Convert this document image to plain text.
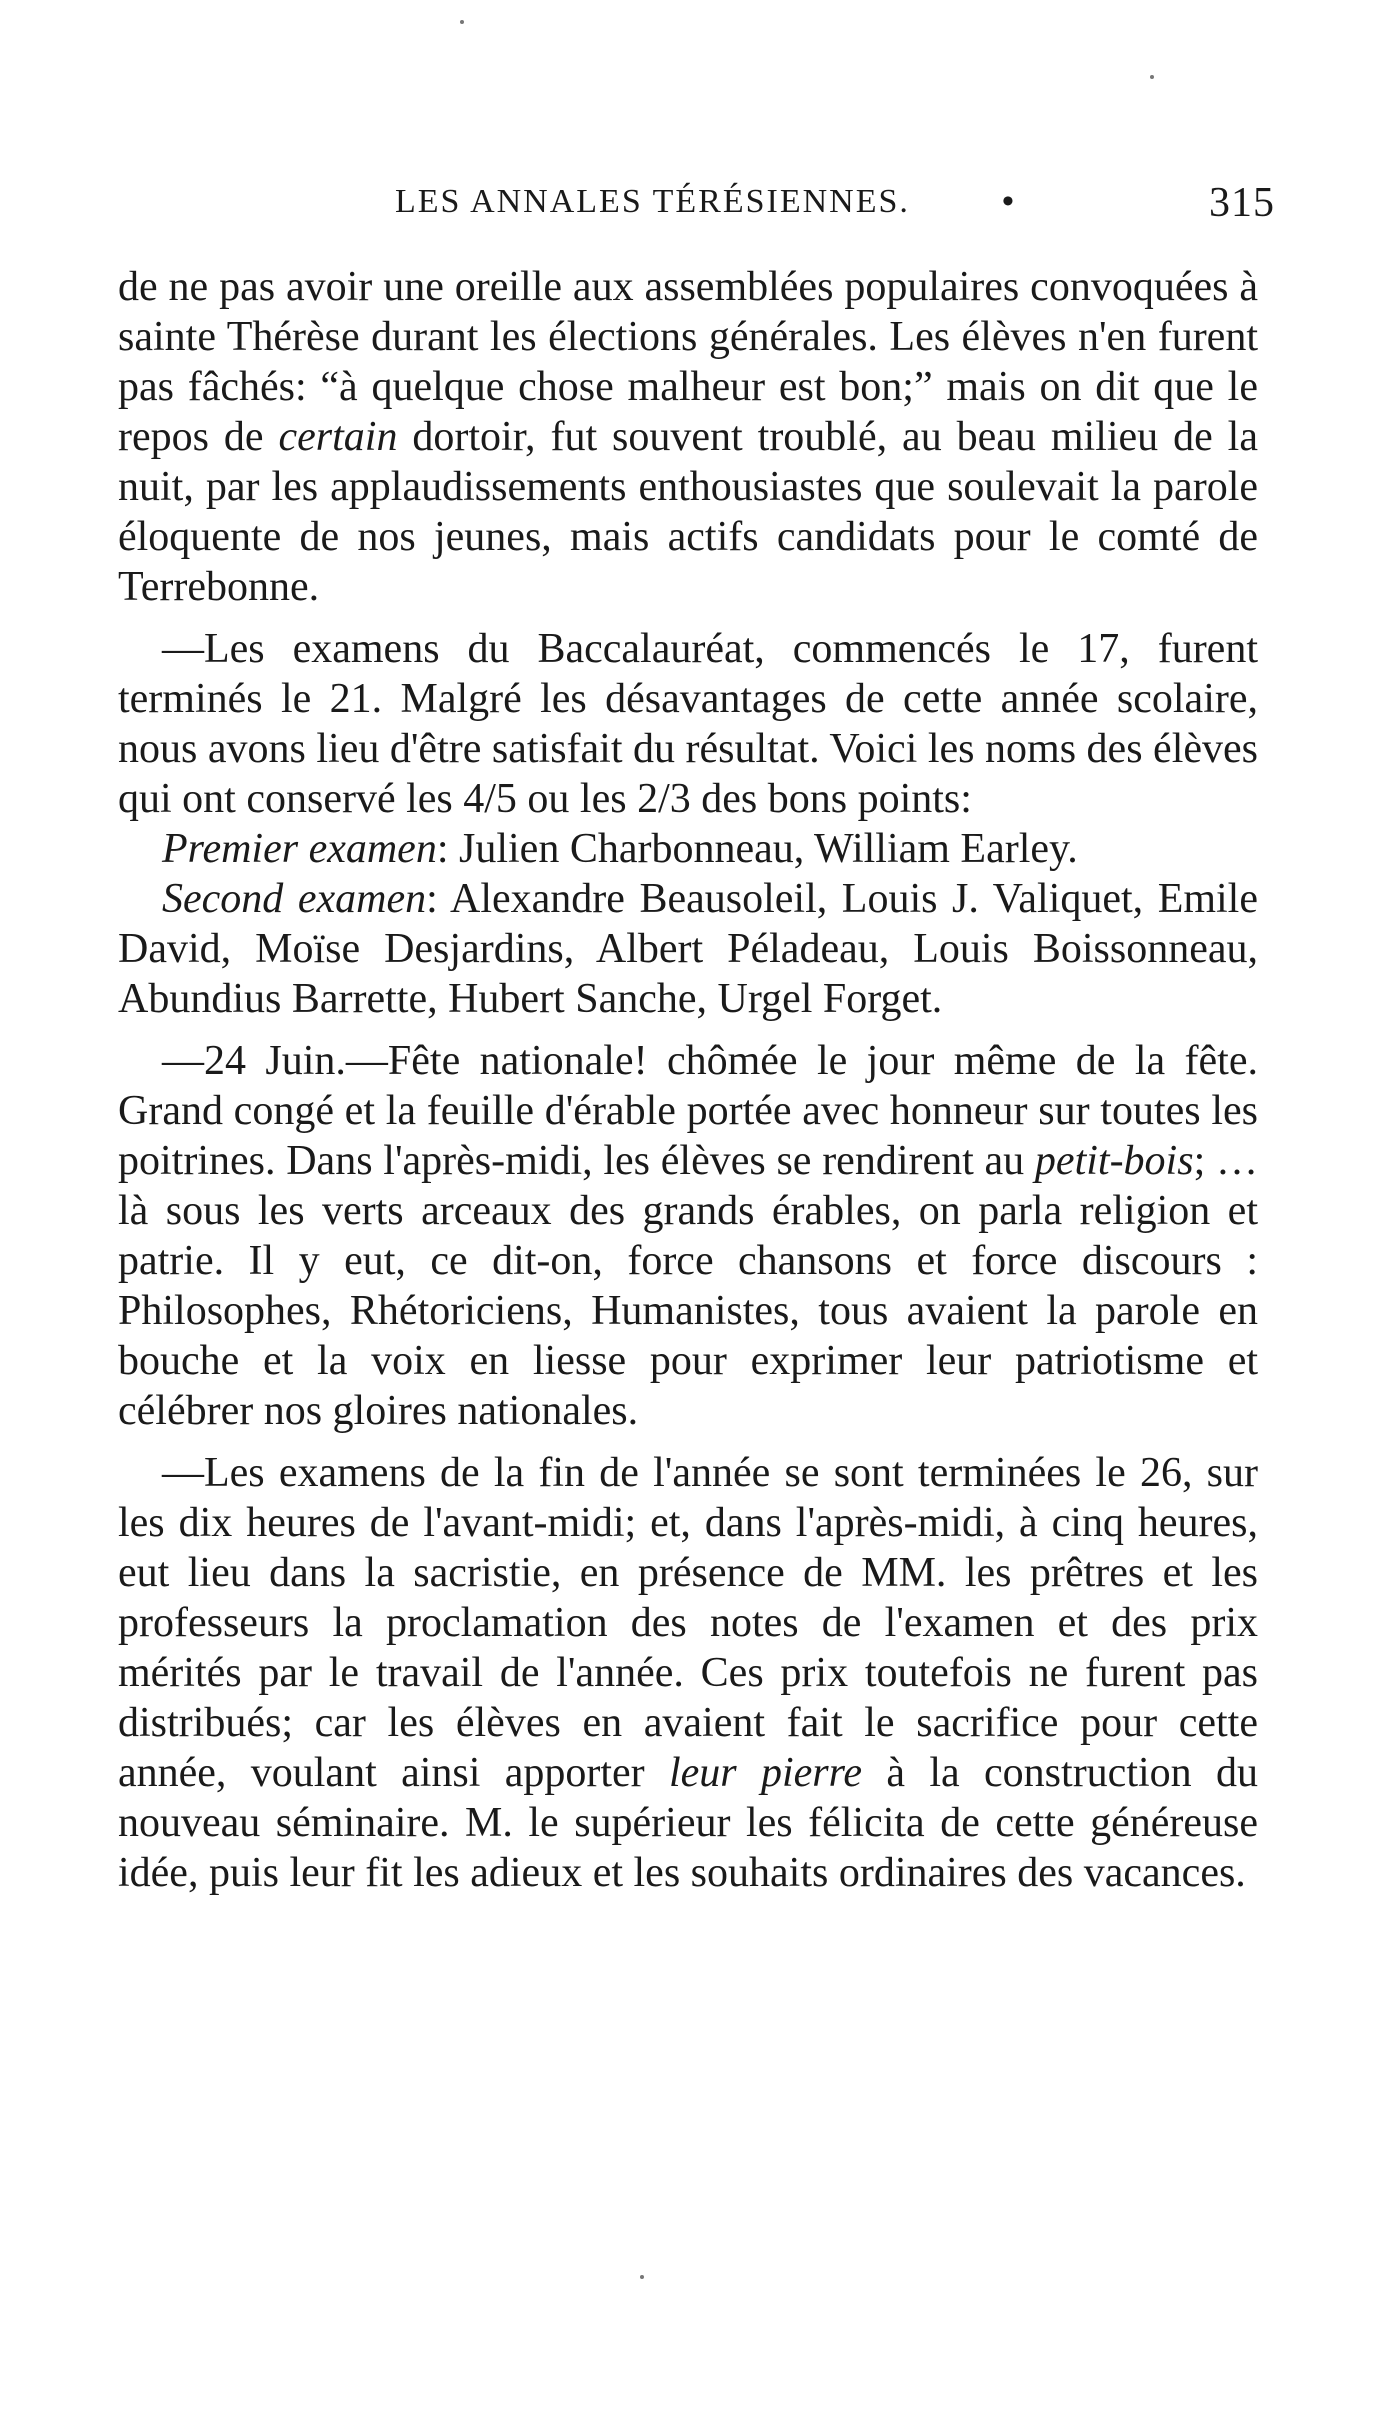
LES ANNALES TÉRÉSIENNES.	•	315

de ne pas avoir une oreille aux assemblées populaires convoquées à sainte Thérèse durant les élections générales. Les élèves n'en furent pas fâchés: “à quelque chose malheur est bon;” mais on dit que le repos de certain dortoir, fut souvent troublé, au beau milieu de la nuit, par les applaudissements enthousiastes que soulevait la parole éloquente de nos jeunes, mais actifs candidats pour le comté de Terrebonne.

—Les examens du Baccalauréat, commencés le 17, furent terminés le 21. Malgré les désavantages de cette année scolaire, nous avons lieu d'être satisfait du résultat. Voici les noms des élèves qui ont conservé les 4/5 ou les 2/3 des bons points:

Premier examen: Julien Charbonneau, William Earley.

Second examen: Alexandre Beausoleil, Louis J. Valiquet, Emile David, Moïse Desjardins, Albert Péladeau, Louis Boissonneau, Abundius Barrette, Hubert Sanche, Urgel Forget.

—24 Juin.—Fête nationale! chômée le jour même de la fête. Grand congé et la feuille d'érable portée avec honneur sur toutes les poitrines. Dans l'après-midi, les élèves se rendirent au petit-bois; … là sous les verts arceaux des grands érables, on parla religion et patrie. Il y eut, ce dit-on, force chansons et force discours : Philosophes, Rhétoriciens, Humanistes, tous avaient la parole en bouche et la voix en liesse pour exprimer leur patriotisme et célébrer nos gloires nationales.

—Les examens de la fin de l'année se sont terminées le 26, sur les dix heures de l'avant-midi; et, dans l'après-midi, à cinq heures, eut lieu dans la sacristie, en présence de MM. les prêtres et les professeurs la proclamation des notes de l'examen et des prix mérités par le travail de l'année. Ces prix toutefois ne furent pas distribués; car les élèves en avaient fait le sacrifice pour cette année, voulant ainsi apporter leur pierre à la construction du nouveau séminaire. M. le supérieur les félicita de cette généreuse idée, puis leur fit les adieux et les souhaits ordinaires des vacances.
